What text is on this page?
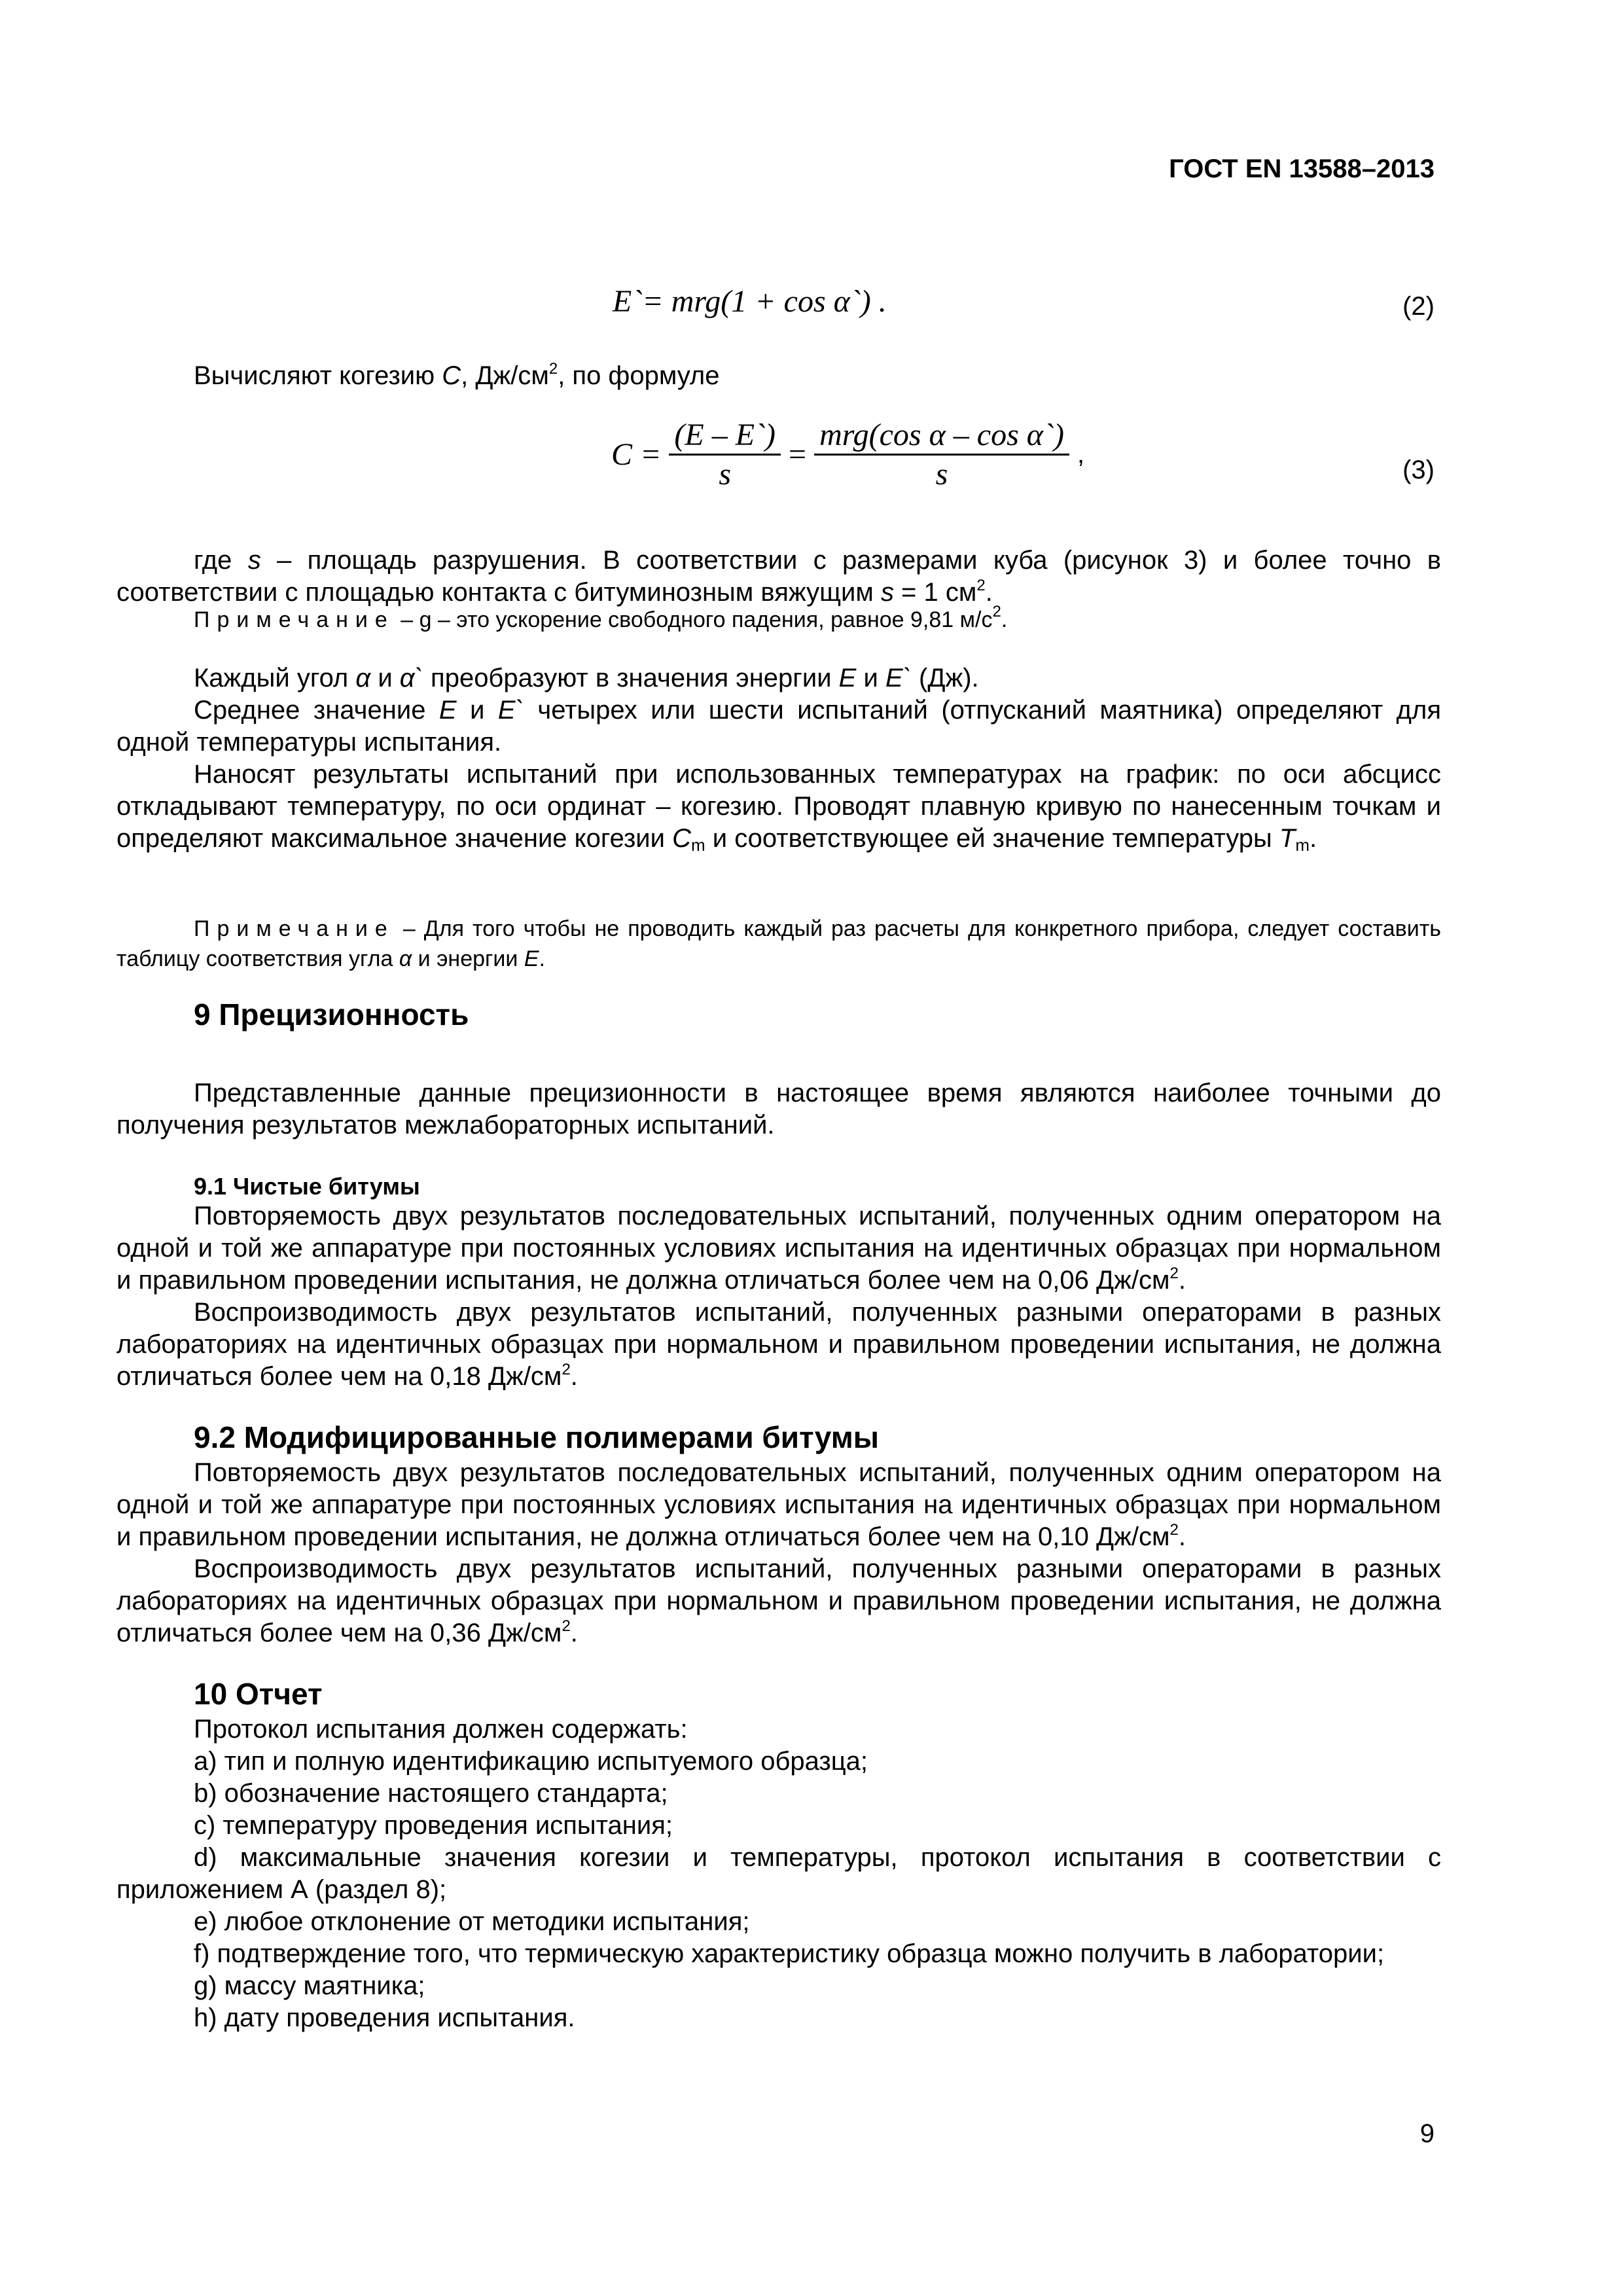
ГОСТ EN 13588–2013
E`= mrg(1 + cos α`) .	(2)

Вычисляют когезию C, $Дж/см^2$, по формуле

$C = \frac{(E - E`)}{s} = \frac{\text{mrg(cos α – cos α`)}}{s}$ ,
(3)

где s – площадь разрушения. В соответствии с размерами куба (рисунок 3) и более точно в соответствии с площадью контакта с битуминозным вяжущим s = 1 $см^2$.

Примечание – g – это ускорение свободного падения, равное 9,81 $м/с^2$.

Каждый угол α и α` преобразуют в значения энергии E и E` (Дж).

Среднее значение E и E` четырех или шести испытаний (отпусканий маятника) определяют для одной температуры испытания.

Наносят результаты испытаний при использованных температурах на график: по оси абсцисс откладывают температуру, по оси ординат – когезию. Проводят плавную кривую по нанесенным точкам и определяют максимальное значение когезии $C_m$ и соответствующее ей значение температуры $T_m$.

Примечание – Для того чтобы не проводить каждый раз расчеты для конкретного прибора, следует составить таблицу соответствия угла α и энергии E.

9 Прецизионность

Представленные данные прецизионности в настоящее время являются наиболее точными до получения результатов межлабораторных испытаний.

9.1 Чистые битумы

Повторяемость двух результатов последовательных испытаний, полученных одним оператором на одной и той же аппаратуре при постоянных условиях испытания на идентичных образцах при нормальном и правильном проведении испытания, не должна отличаться более чем на 0,06 $Дж/см^2$.

Воспроизводимость двух результатов испытаний, полученных разными операторами в разных лабораториях на идентичных образцах при нормальном и правильном проведении испытания, не должна отличаться более чем на 0,18 $Дж/см^2$.

9.2 Модифицированные полимерами битумы

Повторяемость двух результатов последовательных испытаний, полученных одним оператором на одной и той же аппаратуре при постоянных условиях испытания на идентичных образцах при нормальном и правильном проведении испытания, не должна отличаться более чем на 0,10 $Дж/см^2$.

Воспроизводимость двух результатов испытаний, полученных разными операторами в разных лабораториях на идентичных образцах при нормальном и правильном проведении испытания, не должна отличаться более чем на 0,36 $Дж/см^2$.

10 Отчет

Протокол испытания должен содержать:

а) тип и полную идентификацию испытуемого образца;

b) обозначение настоящего стандарта;

c) температуру проведения испытания;

d) максимальные значения когезии и температуры, протокол испытания в соответствии с приложением А (раздел 8);

e) любое отклонение от методики испытания;

f) подтверждение того, что термическую характеристику образца можно получить в лаборатории;

g) массу маятника;

h) дату проведения испытания.

9
